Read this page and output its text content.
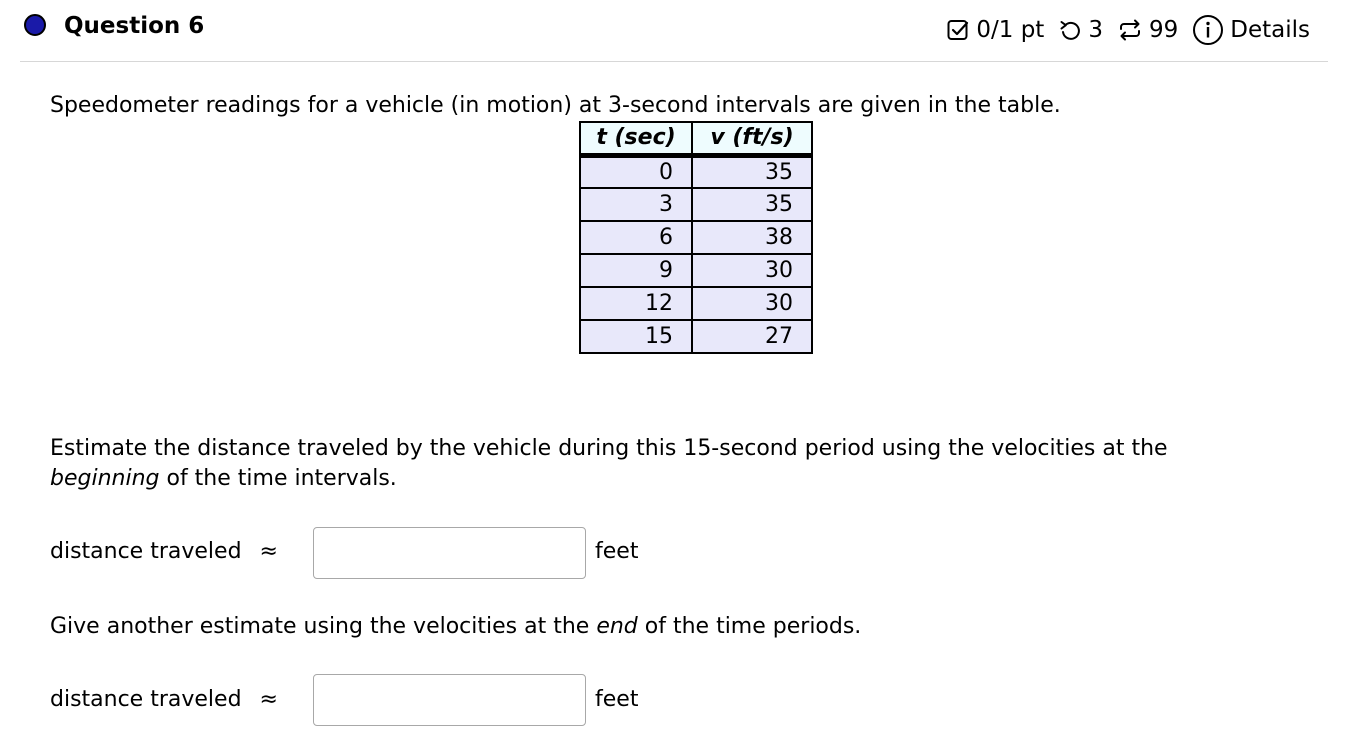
Question 6	0/1 pt 3 99 Details
Speedometer readings for a vehicle (in motion) at 3-second intervals are given in the table.
t (sec)	v (ft/s)
0	35
3	35
6	38
9	30
12	30
15	27
Estimate the distance traveled by the vehicle during this 15-second period using the velocities at the
beginning of the time intervals.
distance traveled ≈	feet
Give another estimate using the velocities at the end of the time periods.
distance traveled ≈	feet
